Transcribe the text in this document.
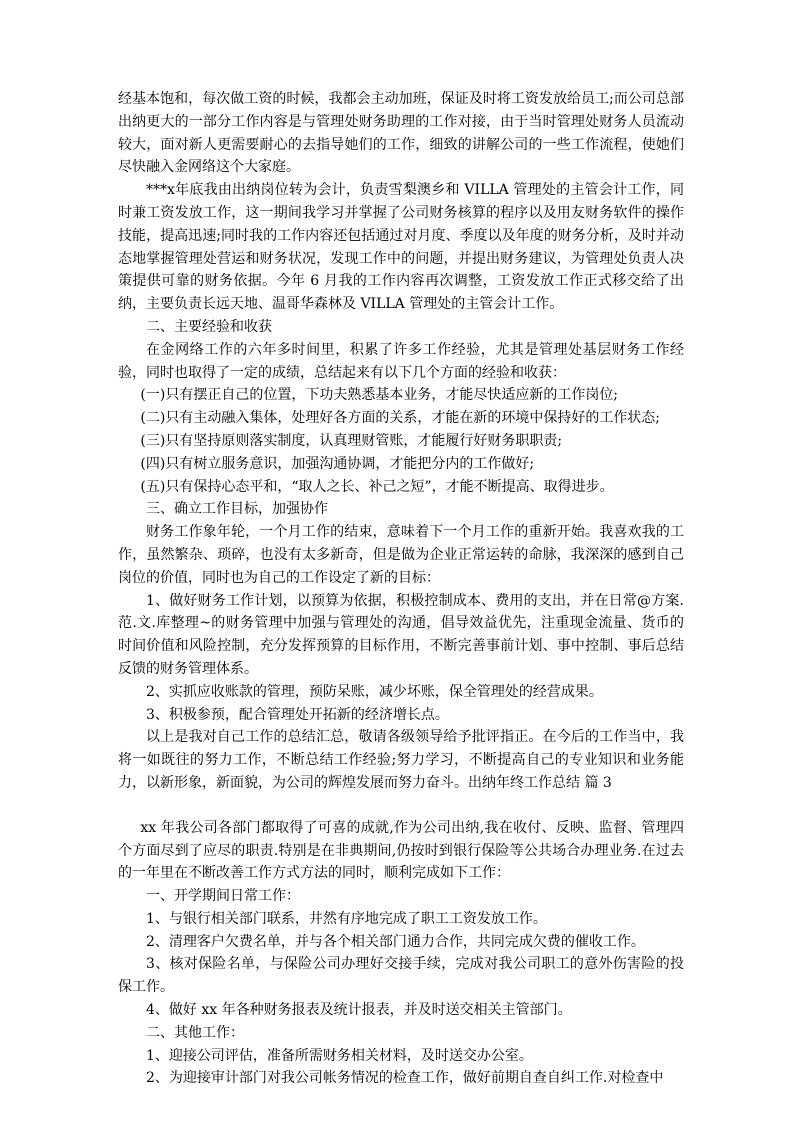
经基本饱和，每次做工资的时候，我都会主动加班，保证及时将工资发放给员工;而公司总部出纳更大的一部分工作内容是与管理处财务助理的工作对接，由于当时管理处财务人员流动较大，面对新人更需要耐心的去指导她们的工作，细致的讲解公司的一些工作流程，使她们尽快融入金网络这个大家庭。

***x年底我由出纳岗位转为会计，负责雪梨澳乡和 VILLA 管理处的主管会计工作，同时兼工资发放工作，这一期间我学习并掌握了公司财务核算的程序以及用友财务软件的操作技能，提高迅速;同时我的工作内容还包括通过对月度、季度以及年度的财务分析，及时并动态地掌握管理处营运和财务状况，发现工作中的问题，并提出财务建议，为管理处负责人决策提供可靠的财务依据。今年 6 月我的工作内容再次调整，工资发放工作正式移交给了出纳，主要负责长远天地、温哥华森林及 VILLA 管理处的主管会计工作。

二、主要经验和收获

在金网络工作的六年多时间里，积累了许多工作经验，尤其是管理处基层财务工作经验，同时也取得了一定的成绩，总结起来有以下几个方面的经验和收获：

(一)只有摆正自己的位置，下功夫熟悉基本业务，才能尽快适应新的工作岗位;

(二)只有主动融入集体，处理好各方面的关系，才能在新的环境中保持好的工作状态;

(三)只有坚持原则落实制度，认真理财管账，才能履行好财务职职责;

(四)只有树立服务意识，加强沟通协调，才能把分内的工作做好;

(五)只有保持心态平和，“取人之长、补己之短”，才能不断提高、取得进步。

三、确立工作目标，加强协作

财务工作象年轮，一个月工作的结束，意味着下一个月工作的重新开始。我喜欢我的工作，虽然繁杂、琐碎，也没有太多新奇，但是做为企业正常运转的命脉，我深深的感到自己岗位的价值，同时也为自己的工作设定了新的目标：

1、做好财务工作计划，以预算为依据，积极控制成本、费用的支出，并在日常@方案.范.文.库整理~的财务管理中加强与管理处的沟通，倡导效益优先，注重现金流量、货币的时间价值和风险控制，充分发挥预算的目标作用，不断完善事前计划、事中控制、事后总结反馈的财务管理体系。

2、实抓应收账款的管理，预防呆账，减少坏账，保全管理处的经营成果。

3、积极参预，配合管理处开拓新的经济增长点。

以上是我对自己工作的总结汇总，敬请各级领导给予批评指正。在今后的工作当中，我将一如既往的努力工作，不断总结工作经验;努力学习，不断提高自己的专业知识和业务能力，以新形象，新面貌，为公司的辉煌发展而努力奋斗。出纳年终工作总结 篇 3

xx 年我公司各部门都取得了可喜的成就,作为公司出纳,我在收付、反映、监督、管理四个方面尽到了应尽的职责.特别是在非典期间,仍按时到银行保险等公共场合办理业务.在过去的一年里在不断改善工作方式方法的同时，顺利完成如下工作：

一、开学期间日常工作：

1、与银行相关部门联系，井然有序地完成了职工工资发放工作。

2、清理客户欠费名单，并与各个相关部门通力合作，共同完成欠费的催收工作。

3、核对保险名单，与保险公司办理好交接手续，完成对我公司职工的意外伤害险的投保工作。

4、做好 xx 年各种财务报表及统计报表，并及时送交相关主管部门。

二、其他工作：

1、迎接公司评估，准备所需财务相关材料，及时送交办公室。

2、为迎接审计部门对我公司帐务情况的检查工作，做好前期自查自纠工作.对检查中
